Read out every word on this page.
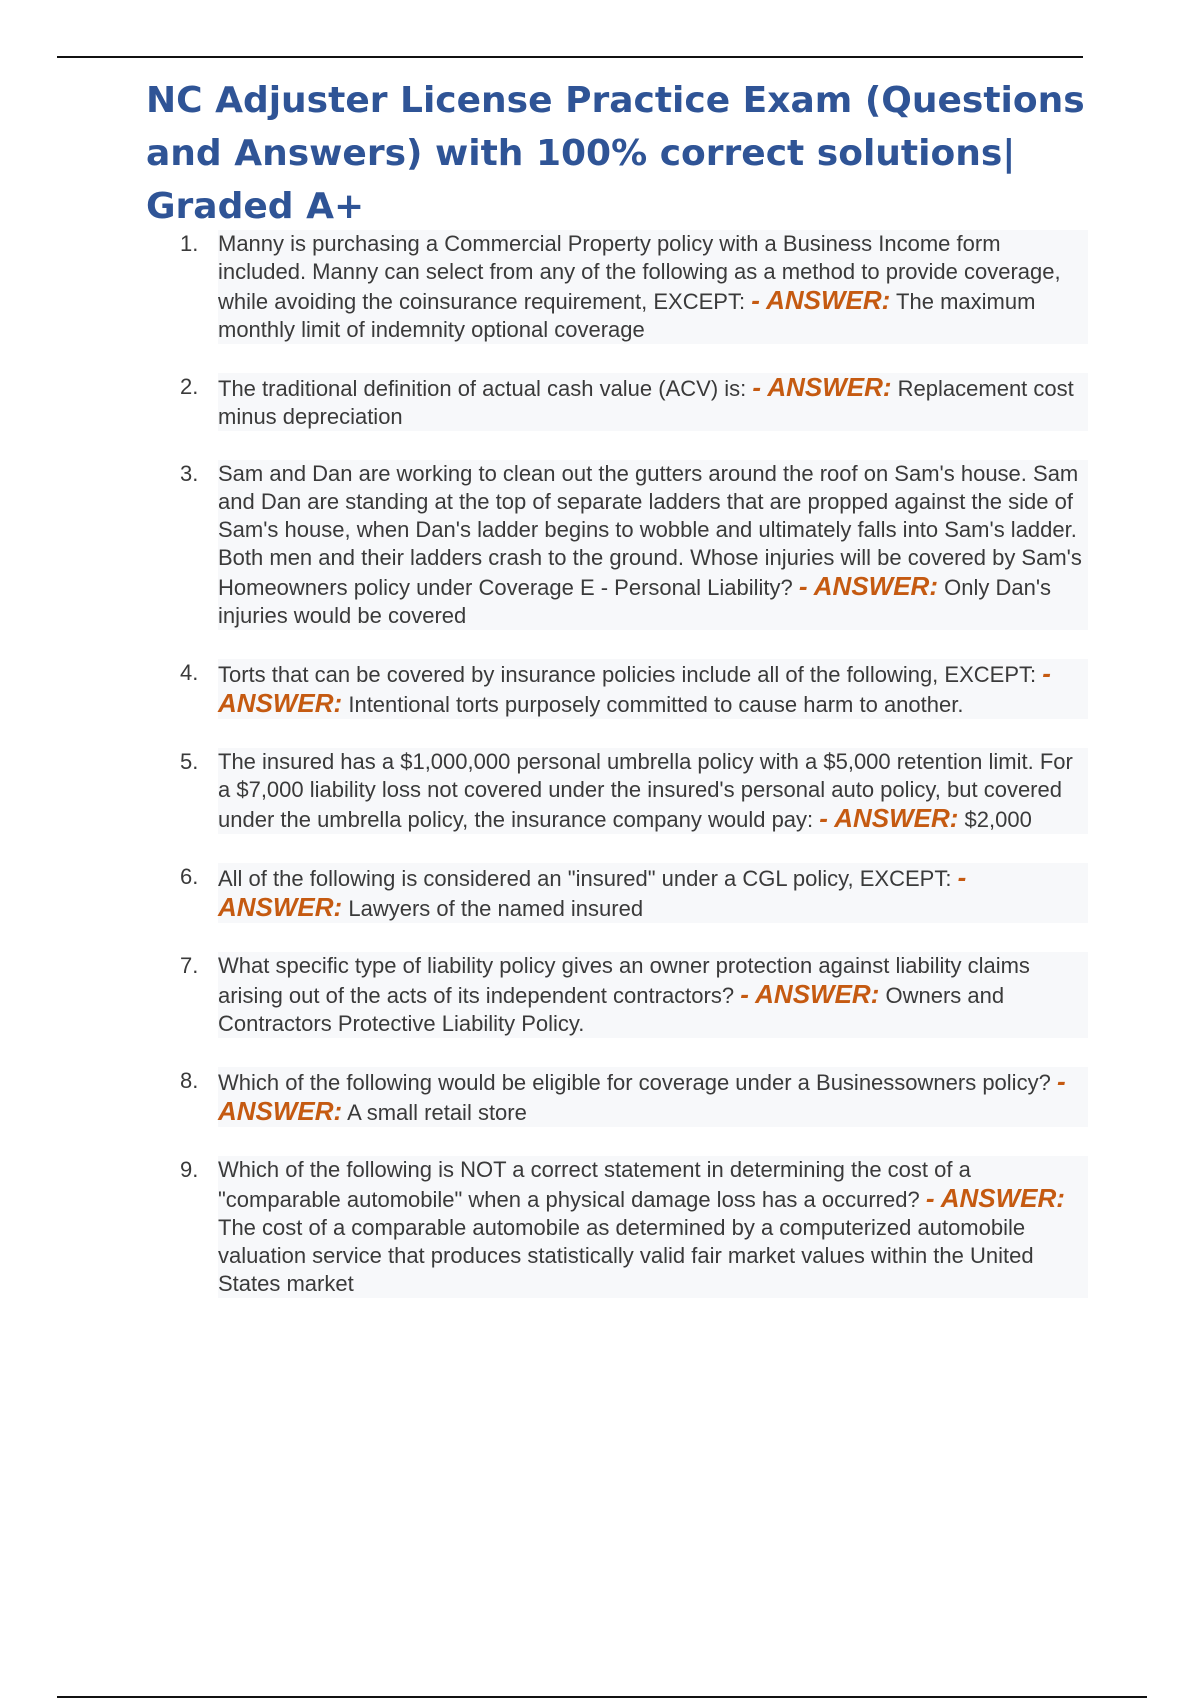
NC Adjuster License Practice Exam (Questions and Answers) with 100% correct solutions| Graded A+
1. Manny is purchasing a Commercial Property policy with a Business Income form included. Manny can select from any of the following as a method to provide coverage, while avoiding the coinsurance requirement, EXCEPT: - ANSWER: The maximum monthly limit of indemnity optional coverage
2. The traditional definition of actual cash value (ACV) is: - ANSWER: Replacement cost minus depreciation
3. Sam and Dan are working to clean out the gutters around the roof on Sam's house. Sam and Dan are standing at the top of separate ladders that are propped against the side of Sam's house, when Dan's ladder begins to wobble and ultimately falls into Sam's ladder. Both men and their ladders crash to the ground. Whose injuries will be covered by Sam's Homeowners policy under Coverage E - Personal Liability? - ANSWER: Only Dan's injuries would be covered
4. Torts that can be covered by insurance policies include all of the following, EXCEPT: - ANSWER: Intentional torts purposely committed to cause harm to another.
5. The insured has a $1,000,000 personal umbrella policy with a $5,000 retention limit. For a $7,000 liability loss not covered under the insured's personal auto policy, but covered under the umbrella policy, the insurance company would pay: - ANSWER: $2,000
6. All of the following is considered an "insured" under a CGL policy, EXCEPT: - ANSWER: Lawyers of the named insured
7. What specific type of liability policy gives an owner protection against liability claims arising out of the acts of its independent contractors? - ANSWER: Owners and Contractors Protective Liability Policy.
8. Which of the following would be eligible for coverage under a Businessowners policy? - ANSWER: A small retail store
9. Which of the following is NOT a correct statement in determining the cost of a "comparable automobile" when a physical damage loss has a occurred? - ANSWER: The cost of a comparable automobile as determined by a computerized automobile valuation service that produces statistically valid fair market values within the United States market
